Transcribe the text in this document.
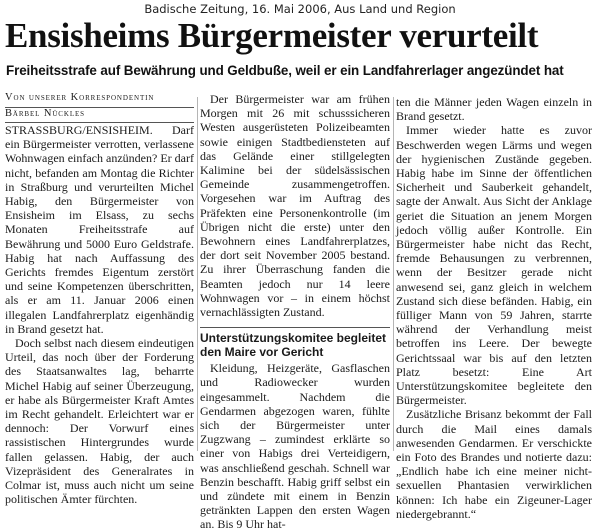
Badische Zeitung, 16. Mai 2006, Aus Land und Region
Ensisheims Bürgermeister verurteilt
Freiheitsstrafe auf Bewährung und Geldbuße, weil er ein Landfahrerlager angezündet hat

Von unserer Korrespondentin

Bärbel Nückles

STRASSBURG/ENSISHEIM. Darf ein Bürgermeister verrotten, verlassene Wohnwagen einfach anzünden? Er darf nicht, befanden am Montag die Richter in Straßburg und verurteilten Michel Habig, den Bürgermeister von Ensisheim im Elsass, zu sechs Monaten Freiheitsstrafe auf Bewährung und 5000 Euro Geldstrafe. Habig hat nach Auffassung des Gerichts fremdes Eigentum zerstört und seine Kompetenzen überschritten, als er am 11. Januar 2006 einen illegalen Landfahrerplatz eigenhändig in Brand gesetzt hat.

Doch selbst nach diesem eindeutigen Urteil, das noch über der Forderung des Staatsanwaltes lag, beharrte Michel Habig auf seiner Überzeugung, er habe als Bürgermeister Kraft Amtes im Recht gehandelt. Erleichtert war er dennoch: Der Vorwurf eines rassistischen Hintergrundes wurde fallen gelassen. Habig, der auch Vizepräsident des Generalrates in Colmar ist, muss auch nicht um seine politischen Ämter fürchten.

Der Bürgermeister war am frühen Morgen mit 26 mit schusssicheren Westen ausgerüsteten Polizeibeamten sowie einigen Stadtbediensteten auf das Gelände einer stillgelegten Kalimine bei der südelsässischen Gemeinde zusammengetroffen. Vorgesehen war im Auftrag des Präfekten eine Personenkontrolle (im Übrigen nicht die erste) unter den Bewohnern eines Landfahrerplatzes, der dort seit November 2005 bestand. Zu ihrer Überraschung fanden die Beamten jedoch nur 14 leere Wohnwagen vor – in einem höchst vernachlässigten Zustand.

Unterstützungskomitee begleitet den Maire vor Gericht

Kleidung, Heizgeräte, Gasflaschen und Radiowecker wurden eingesammelt. Nachdem die Gendarmen abgezogen waren, fühlte sich der Bürgermeister unter Zugzwang – zumindest erklärte so einer von Habigs drei Verteidigern, was anschließend geschah. Schnell war Benzin beschafft. Habig griff selbst ein und zündete mit einem in Benzin getränkten Lappen den ersten Wagen an. Bis 9 Uhr hat-

ten die Männer jeden Wagen einzeln in Brand gesetzt.

Immer wieder hatte es zuvor Beschwerden wegen Lärms und wegen der hygienischen Zustände gegeben. Habig habe im Sinne der öffentlichen Sicherheit und Sauberkeit gehandelt, sagte der Anwalt. Aus Sicht der Anklage geriet die Situation an jenem Morgen jedoch völlig außer Kontrolle. Ein Bürgermeister habe nicht das Recht, fremde Behausungen zu verbrennen, wenn der Besitzer gerade nicht anwesend sei, ganz gleich in welchem Zustand sich diese befänden. Habig, ein fülliger Mann von 59 Jahren, starrte während der Verhandlung meist betroffen ins Leere. Der bewegte Gerichtssaal war bis auf den letzten Platz besetzt: Eine Art Unterstützungskomitee begleitete den Bürgermeister.

Zusätzliche Brisanz bekommt der Fall durch die Mail eines damals anwesenden Gendarmen. Er verschickte ein Foto des Brandes und notierte dazu: „Endlich habe ich eine meiner nicht-sexuellen Phantasien verwirklichen können: Ich habe ein Zigeuner-Lager niedergebrannt.“
